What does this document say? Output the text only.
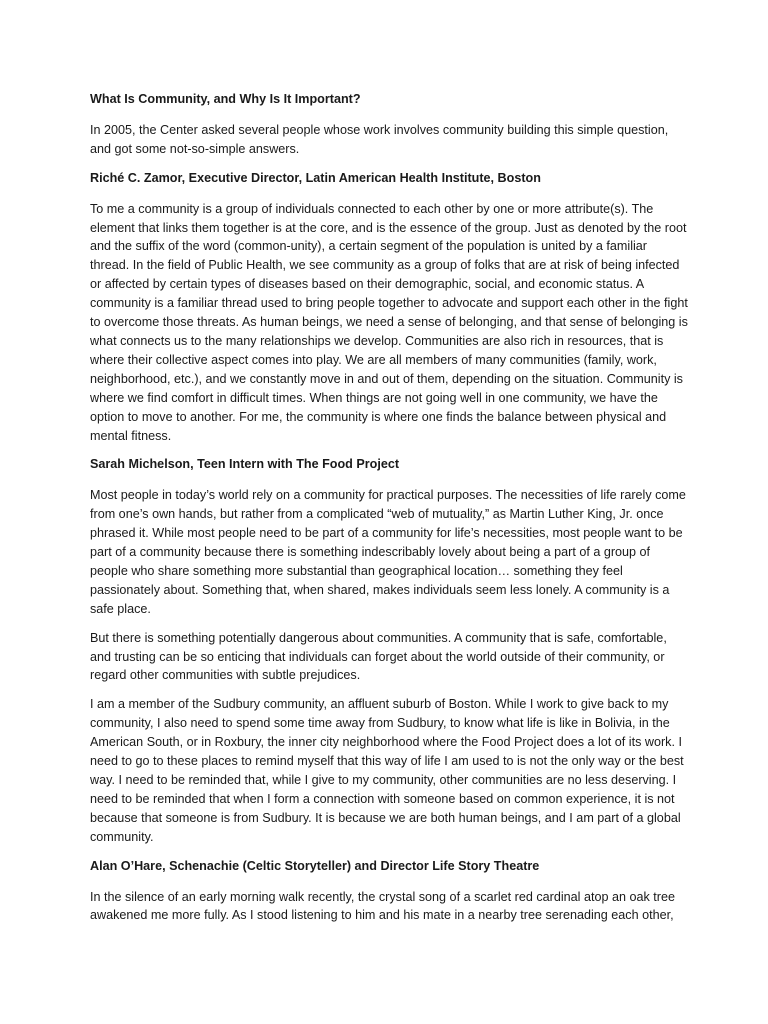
What Is Community, and Why Is It Important?
In 2005, the Center asked several people whose work involves community building this simple question, and got some not-so-simple answers.
Riché C. Zamor, Executive Director, Latin American Health Institute, Boston
To me a community is a group of individuals connected to each other by one or more attribute(s). The element that links them together is at the core, and is the essence of the group. Just as denoted by the root and the suffix of the word (common-unity), a certain segment of the population is united by a familiar thread. In the field of Public Health, we see community as a group of folks that are at risk of being infected or affected by certain types of diseases based on their demographic, social, and economic status. A community is a familiar thread used to bring people together to advocate and support each other in the fight to overcome those threats. As human beings, we need a sense of belonging, and that sense of belonging is what connects us to the many relationships we develop. Communities are also rich in resources, that is where their collective aspect comes into play. We are all members of many communities (family, work, neighborhood, etc.), and we constantly move in and out of them, depending on the situation. Community is where we find comfort in difficult times. When things are not going well in one community, we have the option to move to another. For me, the community is where one finds the balance between physical and mental fitness.
Sarah Michelson, Teen Intern with The Food Project
Most people in today’s world rely on a community for practical purposes. The necessities of life rarely come from one’s own hands, but rather from a complicated “web of mutuality,” as Martin Luther King, Jr. once phrased it. While most people need to be part of a community for life’s necessities, most people want to be part of a community because there is something indescribably lovely about being a part of a group of people who share something more substantial than geographical location… something they feel passionately about. Something that, when shared, makes individuals seem less lonely. A community is a safe place.
But there is something potentially dangerous about communities. A community that is safe, comfortable, and trusting can be so enticing that individuals can forget about the world outside of their community, or regard other communities with subtle prejudices.
I am a member of the Sudbury community, an affluent suburb of Boston. While I work to give back to my community, I also need to spend some time away from Sudbury, to know what life is like in Bolivia, in the American South, or in Roxbury, the inner city neighborhood where the Food Project does a lot of its work. I need to go to these places to remind myself that this way of life I am used to is not the only way or the best way. I need to be reminded that, while I give to my community, other communities are no less deserving. I need to be reminded that when I form a connection with someone based on common experience, it is not because that someone is from Sudbury. It is because we are both human beings, and I am part of a global community.
Alan O’Hare, Schenachie (Celtic Storyteller) and Director Life Story Theatre
In the silence of an early morning walk recently, the crystal song of a scarlet red cardinal atop an oak tree awakened me more fully. As I stood listening to him and his mate in a nearby tree serenading each other,
